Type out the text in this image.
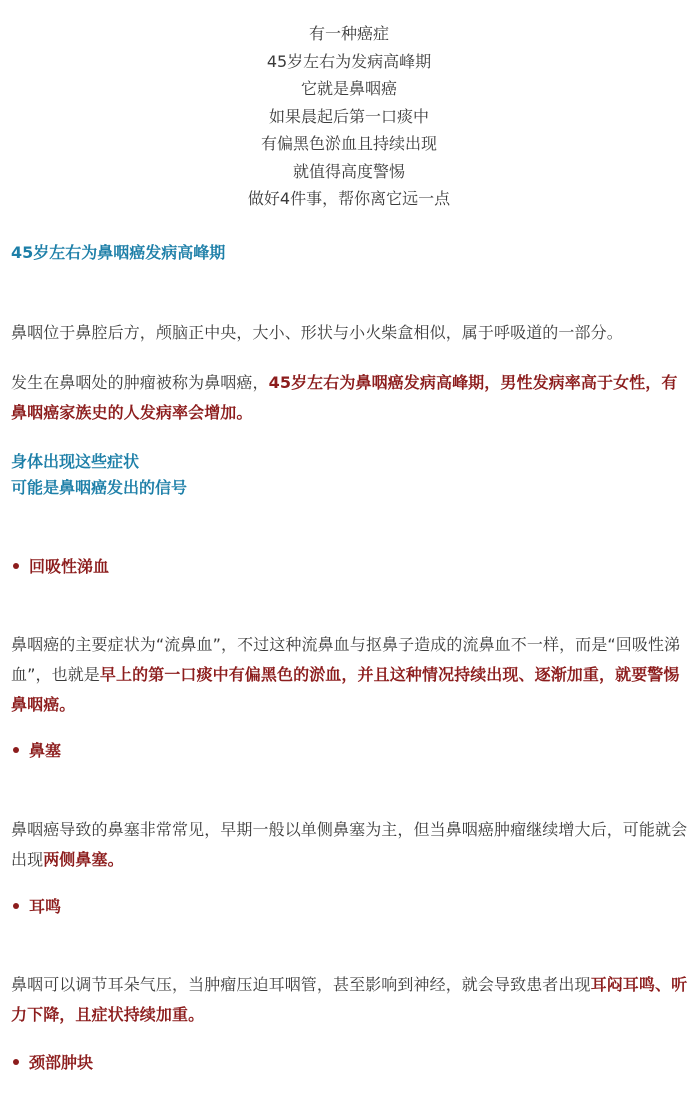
有一种癌症
45岁左右为发病高峰期
它就是鼻咽癌
如果晨起后第一口痰中
有偏黑色淤血且持续出现
就值得高度警惕
做好4件事，帮你离它远一点
45岁左右为鼻咽癌发病高峰期
鼻咽位于鼻腔后方，颅脑正中央，大小、形状与小火柴盒相似，属于呼吸道的一部分。
发生在鼻咽处的肿瘤被称为鼻咽癌，45岁左右为鼻咽癌发病高峰期，男性发病率高于女性，有鼻咽癌家族史的人发病率会增加。
身体出现这些症状
可能是鼻咽癌发出的信号
回吸性涕血
鼻咽癌的主要症状为“流鼻血”，不过这种流鼻血与抠鼻子造成的流鼻血不一样，而是“回吸性涕血”，也就是早上的第一口痰中有偏黑色的淤血，并且这种情况持续出现、逐渐加重，就要警惕鼻咽癌。
鼻塞
鼻咽癌导致的鼻塞非常常见，早期一般以单侧鼻塞为主，但当鼻咽癌肿瘤继续增大后，可能就会出现两侧鼻塞。
耳鸣
鼻咽可以调节耳朵气压，当肿瘤压迫耳咽管，甚至影响到神经，就会导致患者出现耳闷耳鸣、听力下降，且症状持续加重。
颈部肿块
